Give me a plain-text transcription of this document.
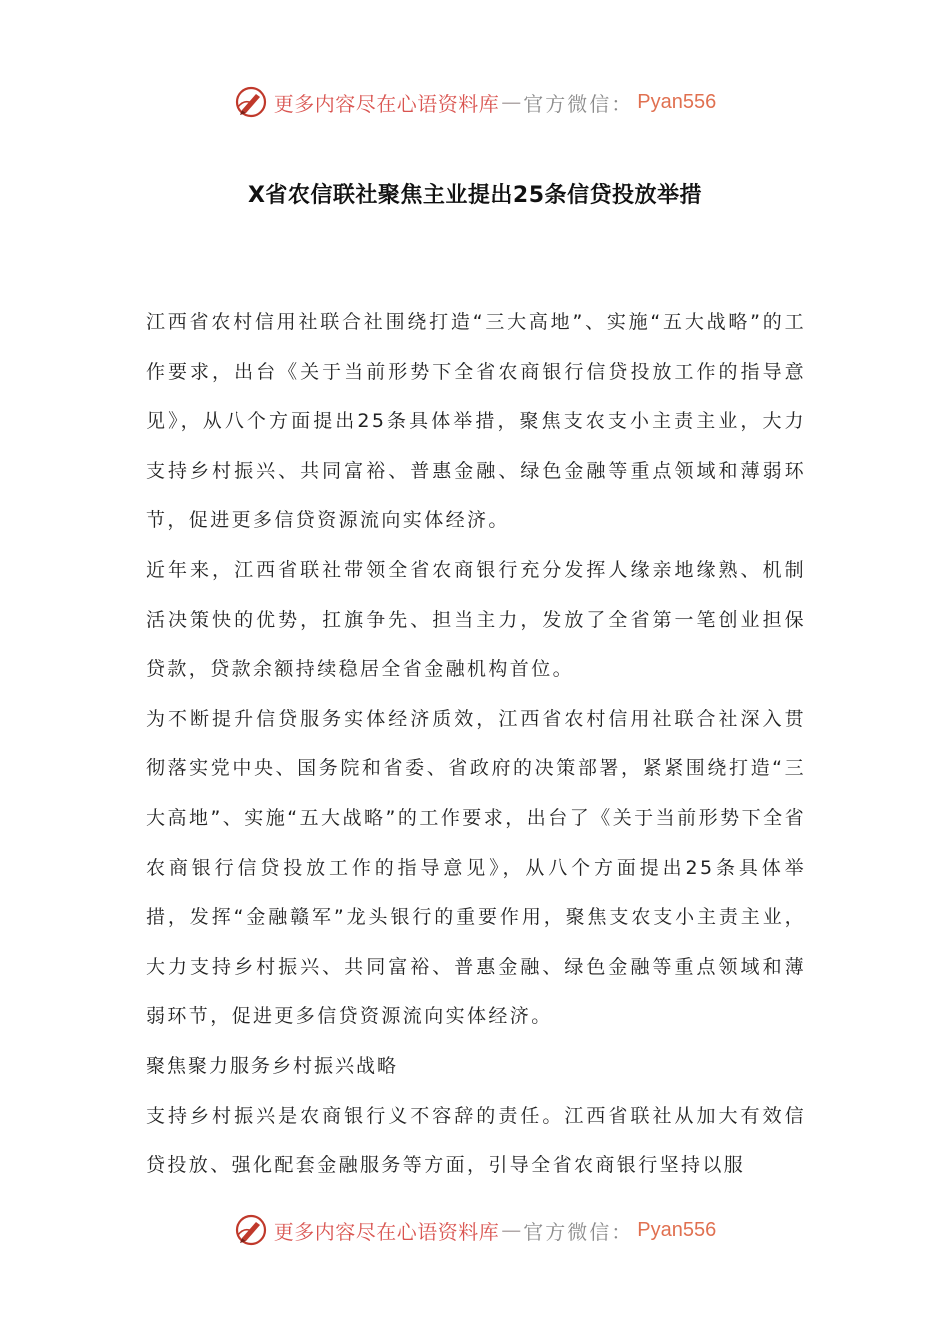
更多内容尽在心语资料库 — 官方微信： Pyan556
X省农信联社聚焦主业提出25条信贷投放举措

江西省农村信用社联合社围绕打造“三大高地”、实施“五大战略”的工作要求，出台《关于当前形势下全省农商银行信贷投放工作的指导意见》，从八个方面提出25条具体举措，聚焦支农支小主责主业，大力支持乡村振兴、共同富裕、普惠金融、绿色金融等重点领域和薄弱环节，促进更多信贷资源流向实体经济。

近年来，江西省联社带领全省农商银行充分发挥人缘亲地缘熟、机制活决策快的优势，扛旗争先、担当主力，发放了全省第一笔创业担保贷款，贷款余额持续稳居全省金融机构首位。

为不断提升信贷服务实体经济质效，江西省农村信用社联合社深入贯彻落实党中央、国务院和省委、省政府的决策部署，紧紧围绕打造“三大高地”、实施“五大战略”的工作要求，出台了《关于当前形势下全省农商银行信贷投放工作的指导意见》，从八个方面提出25条具体举措，发挥“金融赣军”龙头银行的重要作用，聚焦支农支小主责主业，大力支持乡村振兴、共同富裕、普惠金融、绿色金融等重点领域和薄弱环节，促进更多信贷资源流向实体经济。

聚焦聚力服务乡村振兴战略

支持乡村振兴是农商银行义不容辞的责任。江西省联社从加大有效信贷投放、强化配套金融服务等方面，引导全省农商银行坚持以服

更多内容尽在心语资料库 — 官方微信： Pyan556
